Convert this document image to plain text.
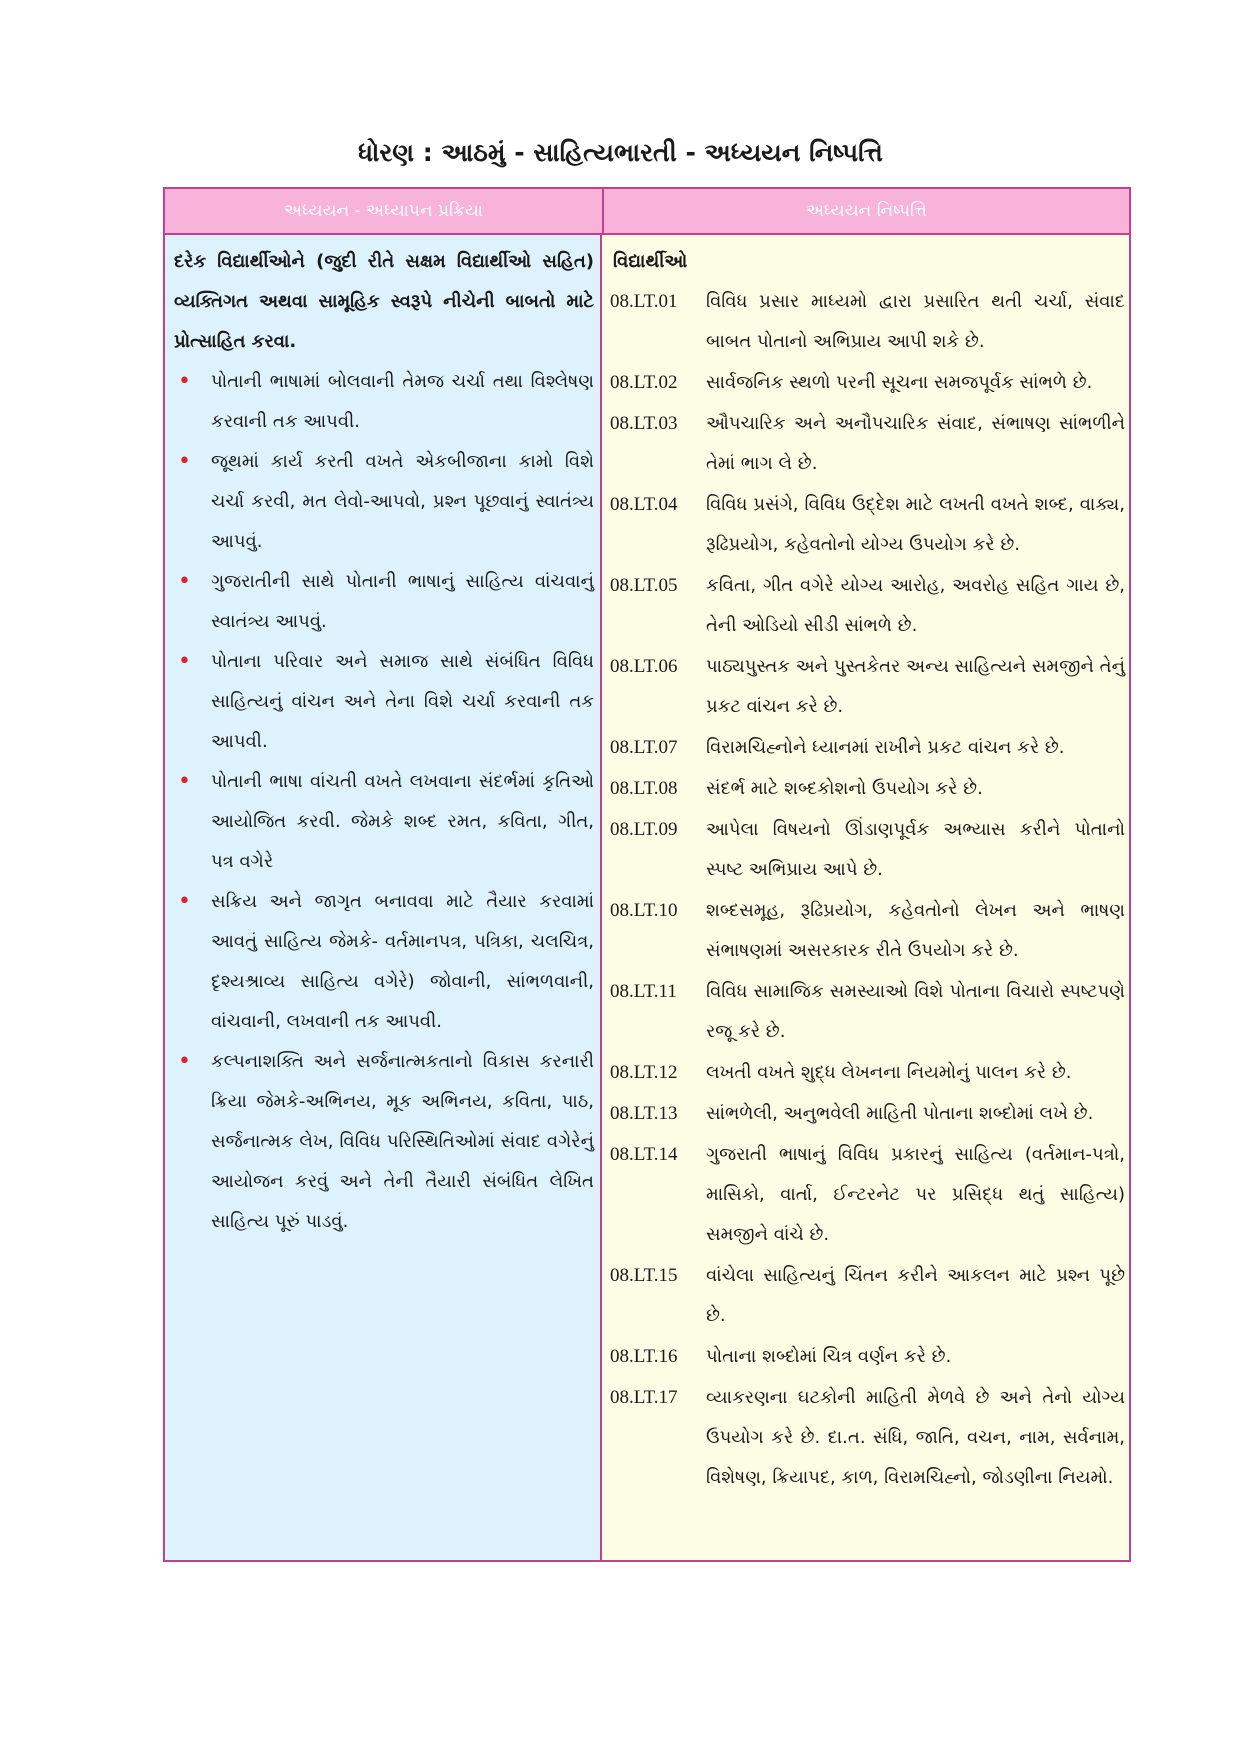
ધોરણ : આઠમું - સાહિત્યભારતી - અધ્યયન નિષ્પત્તિ
અધ્યયન - અધ્યાપન પ્રક્રિયા	અધ્યયન નિષ્પત્તિ
દરેક વિદ્યાર્થીઓને (જુદી રીતે સક્ષમ વિદ્યાર્થીઓ સહિત) વ્યક્તિગત અથવા સામૂહિક સ્વરૂપે નીચેની બાબતો માટે પ્રોત્સાહિત કરવા.
• પોતાની ભાષામાં બોલવાની તેમજ ચર્ચા તથા વિશ્લેષણ કરવાની તક આપવી.
• જૂથમાં કાર્ય કરતી વખતે એકબીજાના કામો વિશે ચર્ચા કરવી, મત લેવો-આપવો, પ્રશ્ન પૂછવાનું સ્વાતંત્ર્ય આપવું.
• ગુજરાતીની સાથે પોતાની ભાષાનું સાહિત્ય વાંચવાનું સ્વાતંત્ર્ય આપવું.
• પોતાના પરિવાર અને સમાજ સાથે સંબંધિત વિવિધ સાહિત્યનું વાંચન અને તેના વિશે ચર્ચા કરવાની તક આપવી.
• પોતાની ભાષા વાંચતી વખતે લખવાના સંદર્ભમાં કૃતિઓ આયોજિત કરવી. જેમકે શબ્દ રમત, કવિતા, ગીત, પત્ર વગેરે
• સક્રિય અને જાગૃત બનાવવા માટે તૈયાર કરવામાં આવતું સાહિત્ય જેમકે- વર્તમાનપત્ર, પત્રિકા, ચલચિત્ર, દૃશ્યશ્રાવ્ય સાહિત્ય વગેરે) જોવાની, સાંભળવાની, વાંચવાની, લખવાની તક આપવી.
• કલ્પનાશક્તિ અને સર્જનાત્મકતાનો વિકાસ કરનારી ક્રિયા જેમકે-અભિનય, મૂક અભિનય, કવિતા, પાઠ, સર્જનાત્મક લેખ, વિવિધ પરિસ્થિતિઓમાં સંવાદ વગેરેનું આયોજન કરવું અને તેની તૈયારી સંબંધિત લેખિત સાહિત્ય પૂરું પાડવું.
વિદ્યાર્થીઓ
08.LT.01 વિવિધ પ્રસાર માધ્યમો દ્વારા પ્રસારિત થતી ચર્ચા, સંવાદ બાબત પોતાનો અભિપ્રાય આપી શકે છે.
08.LT.02 સાર્વજનિક સ્થળો પરની સૂચના સમજપૂર્વક સાંભળે છે.
08.LT.03 ઔપચારિક અને અનૌપચારિક સંવાદ, સંભાષણ સાંભળીને તેમાં ભાગ લે છે.
08.LT.04 વિવિધ પ્રસંગે, વિવિધ ઉદ્દેશ માટે લખતી વખતે શબ્દ, વાક્ય, રૂઢિપ્રયોગ, કહેવતોનો યોગ્ય ઉપયોગ કરે છે.
08.LT.05 કવિતા, ગીત વગેરે યોગ્ય આરોહ, અવરોહ સહિત ગાય છે, તેની ઓડિયો સીડી સાંભળે છે.
08.LT.06 પાઠ્યપુસ્તક અને પુસ્તકેતર અન્ય સાહિત્યને સમજીને તેનું પ્રકટ વાંચન કરે છે.
08.LT.07 વિરામચિહ્નોને ધ્યાનમાં રાખીને પ્રકટ વાંચન કરે છે.
08.LT.08 સંદર્ભ માટે શબ્દકોશનો ઉપયોગ કરે છે.
08.LT.09 આપેલા વિષયનો ઊંડાણપૂર્વક અભ્યાસ કરીને પોતાનો સ્પષ્ટ અભિપ્રાય આપે છે.
08.LT.10 શબ્દસમૂહ, રૂઢિપ્રયોગ, કહેવતોનો લેખન અને ભાષણ સંભાષણમાં અસરકારક રીતે ઉપયોગ કરે છે.
08.LT.11 વિવિધ સામાજિક સમસ્યાઓ વિશે પોતાના વિચારો સ્પષ્ટપણે રજૂ કરે છે.
08.LT.12 લખતી વખતે શુદ્ધ લેખનના નિયમોનું પાલન કરે છે.
08.LT.13 સાંભળેલી, અનુભવેલી માહિતી પોતાના શબ્દોમાં લખે છે.
08.LT.14 ગુજરાતી ભાષાનું વિવિધ પ્રકારનું સાહિત્ય (વર્તમાન-પત્રો, માસિકો, વાર્તા, ઈન્ટરનેટ પર પ્રસિદ્ધ થતું સાહિત્ય) સમજીને વાંચે છે.
08.LT.15 વાંચેલા સાહિત્યનું ચિંતન કરીને આકલન માટે પ્રશ્ન પૂછે છે.
08.LT.16 પોતાના શબ્દોમાં ચિત્ર વર્ણન કરે છે.
08.LT.17 વ્યાકરણના ઘટકોની માહિતી મેળવે છે અને તેનો યોગ્ય ઉપયોગ કરે છે. દા.ત. સંધિ, જાતિ, વચન, નામ, સર્વનામ, વિશેષણ, ક્રિયાપદ, કાળ, વિરામચિહ્નો, જોડણીના નિયમો.
